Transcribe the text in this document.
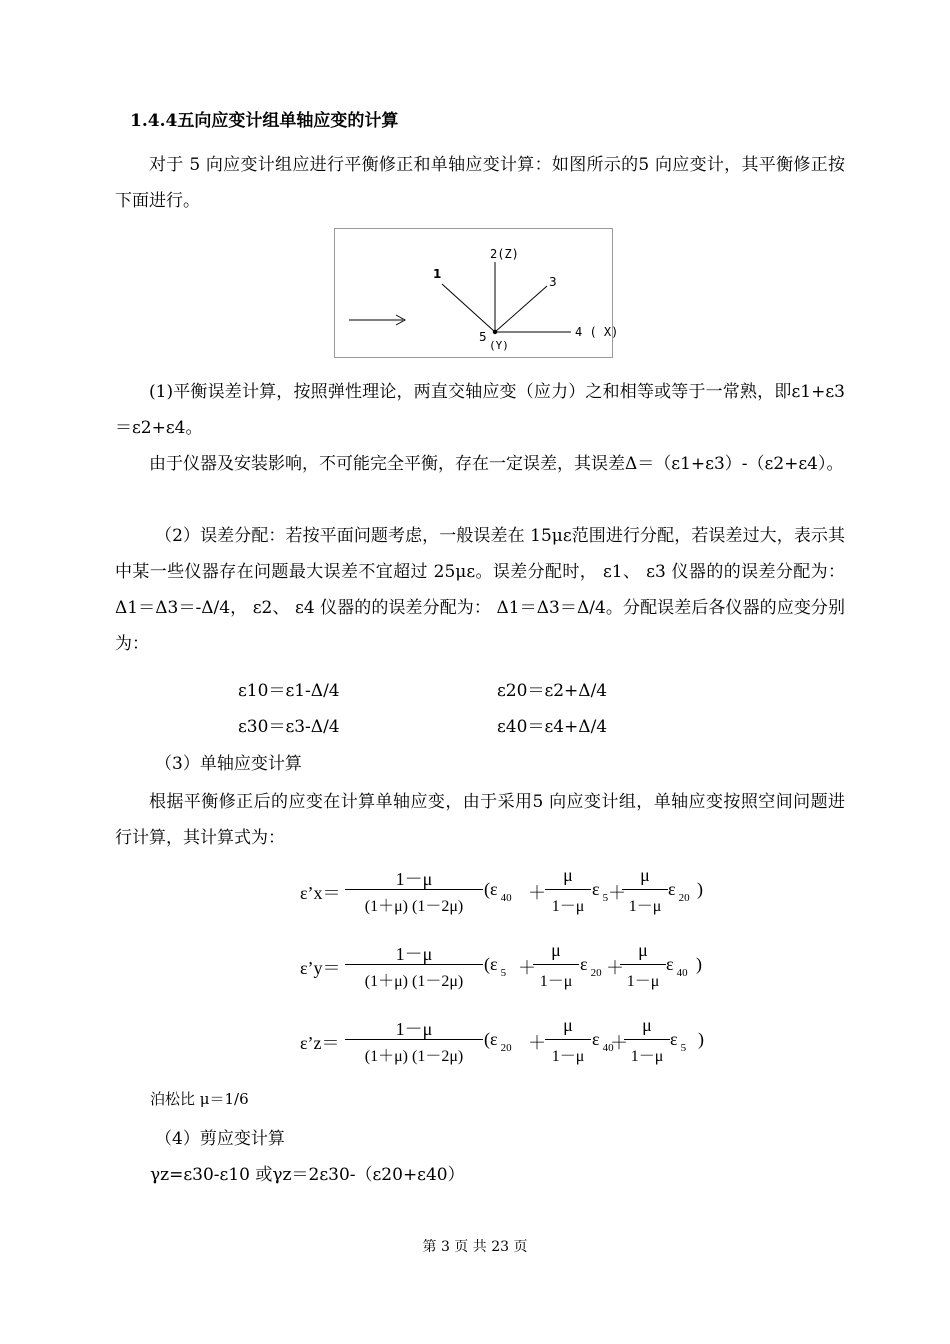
1.4.4五向应变计组单轴应变的计算
对于 5 向应变计组应进行平衡修正和单轴应变计算：如图所示的5 向应变计，其平衡修正按下面进行。
1
2(Z)
3
4 ( X)
5
(Y)
(1)平衡误差计算，按照弹性理论，两直交轴应变（应力）之和相等或等于一常熟，即ε1+ε3＝ε2+ε4。
由于仪器及安装影响，不可能完全平衡，存在一定误差，其误差Δ＝（ε1+ε3）-（ε2+ε4）。
（2）误差分配：若按平面问题考虑，一般误差在 15με范围进行分配，若误差过大，表示其中某一些仪器存在问题最大误差不宜超过 25με。误差分配时， ε1、 ε3 仪器的的误差分配为： Δ1＝Δ3＝-Δ/4， ε2、 ε4 仪器的的误差分配为： Δ1＝Δ3＝Δ/4。分配误差后各仪器的应变分别为：
ε10＝ε1-Δ/4	ε20＝ε2+Δ/4
ε30＝ε3-Δ/4	ε40＝ε4+Δ/4
（3）单轴应变计算
根据平衡修正后的应变在计算单轴应变，由于采用5 向应变计组，单轴应变按照空间问题进行计算，其计算式为：
ε’x＝
1－μ
(1＋μ) (1－2μ)
(ε $_{40}$ ＋
μ
1－μ
ε $_5$ ＋
μ
1－μ
ε $_{20}$ )
ε’y＝
1－μ
(1＋μ) (1－2μ)
(ε $_5$ ＋
μ
1－μ
ε $_{20}$ ＋
μ
1－μ
ε $_{40}$ )
ε’z＝
1－μ
(1＋μ) (1－2μ)
(ε $_{20}$ ＋
μ
1－μ
ε $_{40}$
＋
μ
1－μ
ε $_5$ )
泊松比 μ＝1/6
（4）剪应变计算
γz=ε30-ε10 或γz＝2ε30-（ε20+ε40）
第 3 页 共 23 页
